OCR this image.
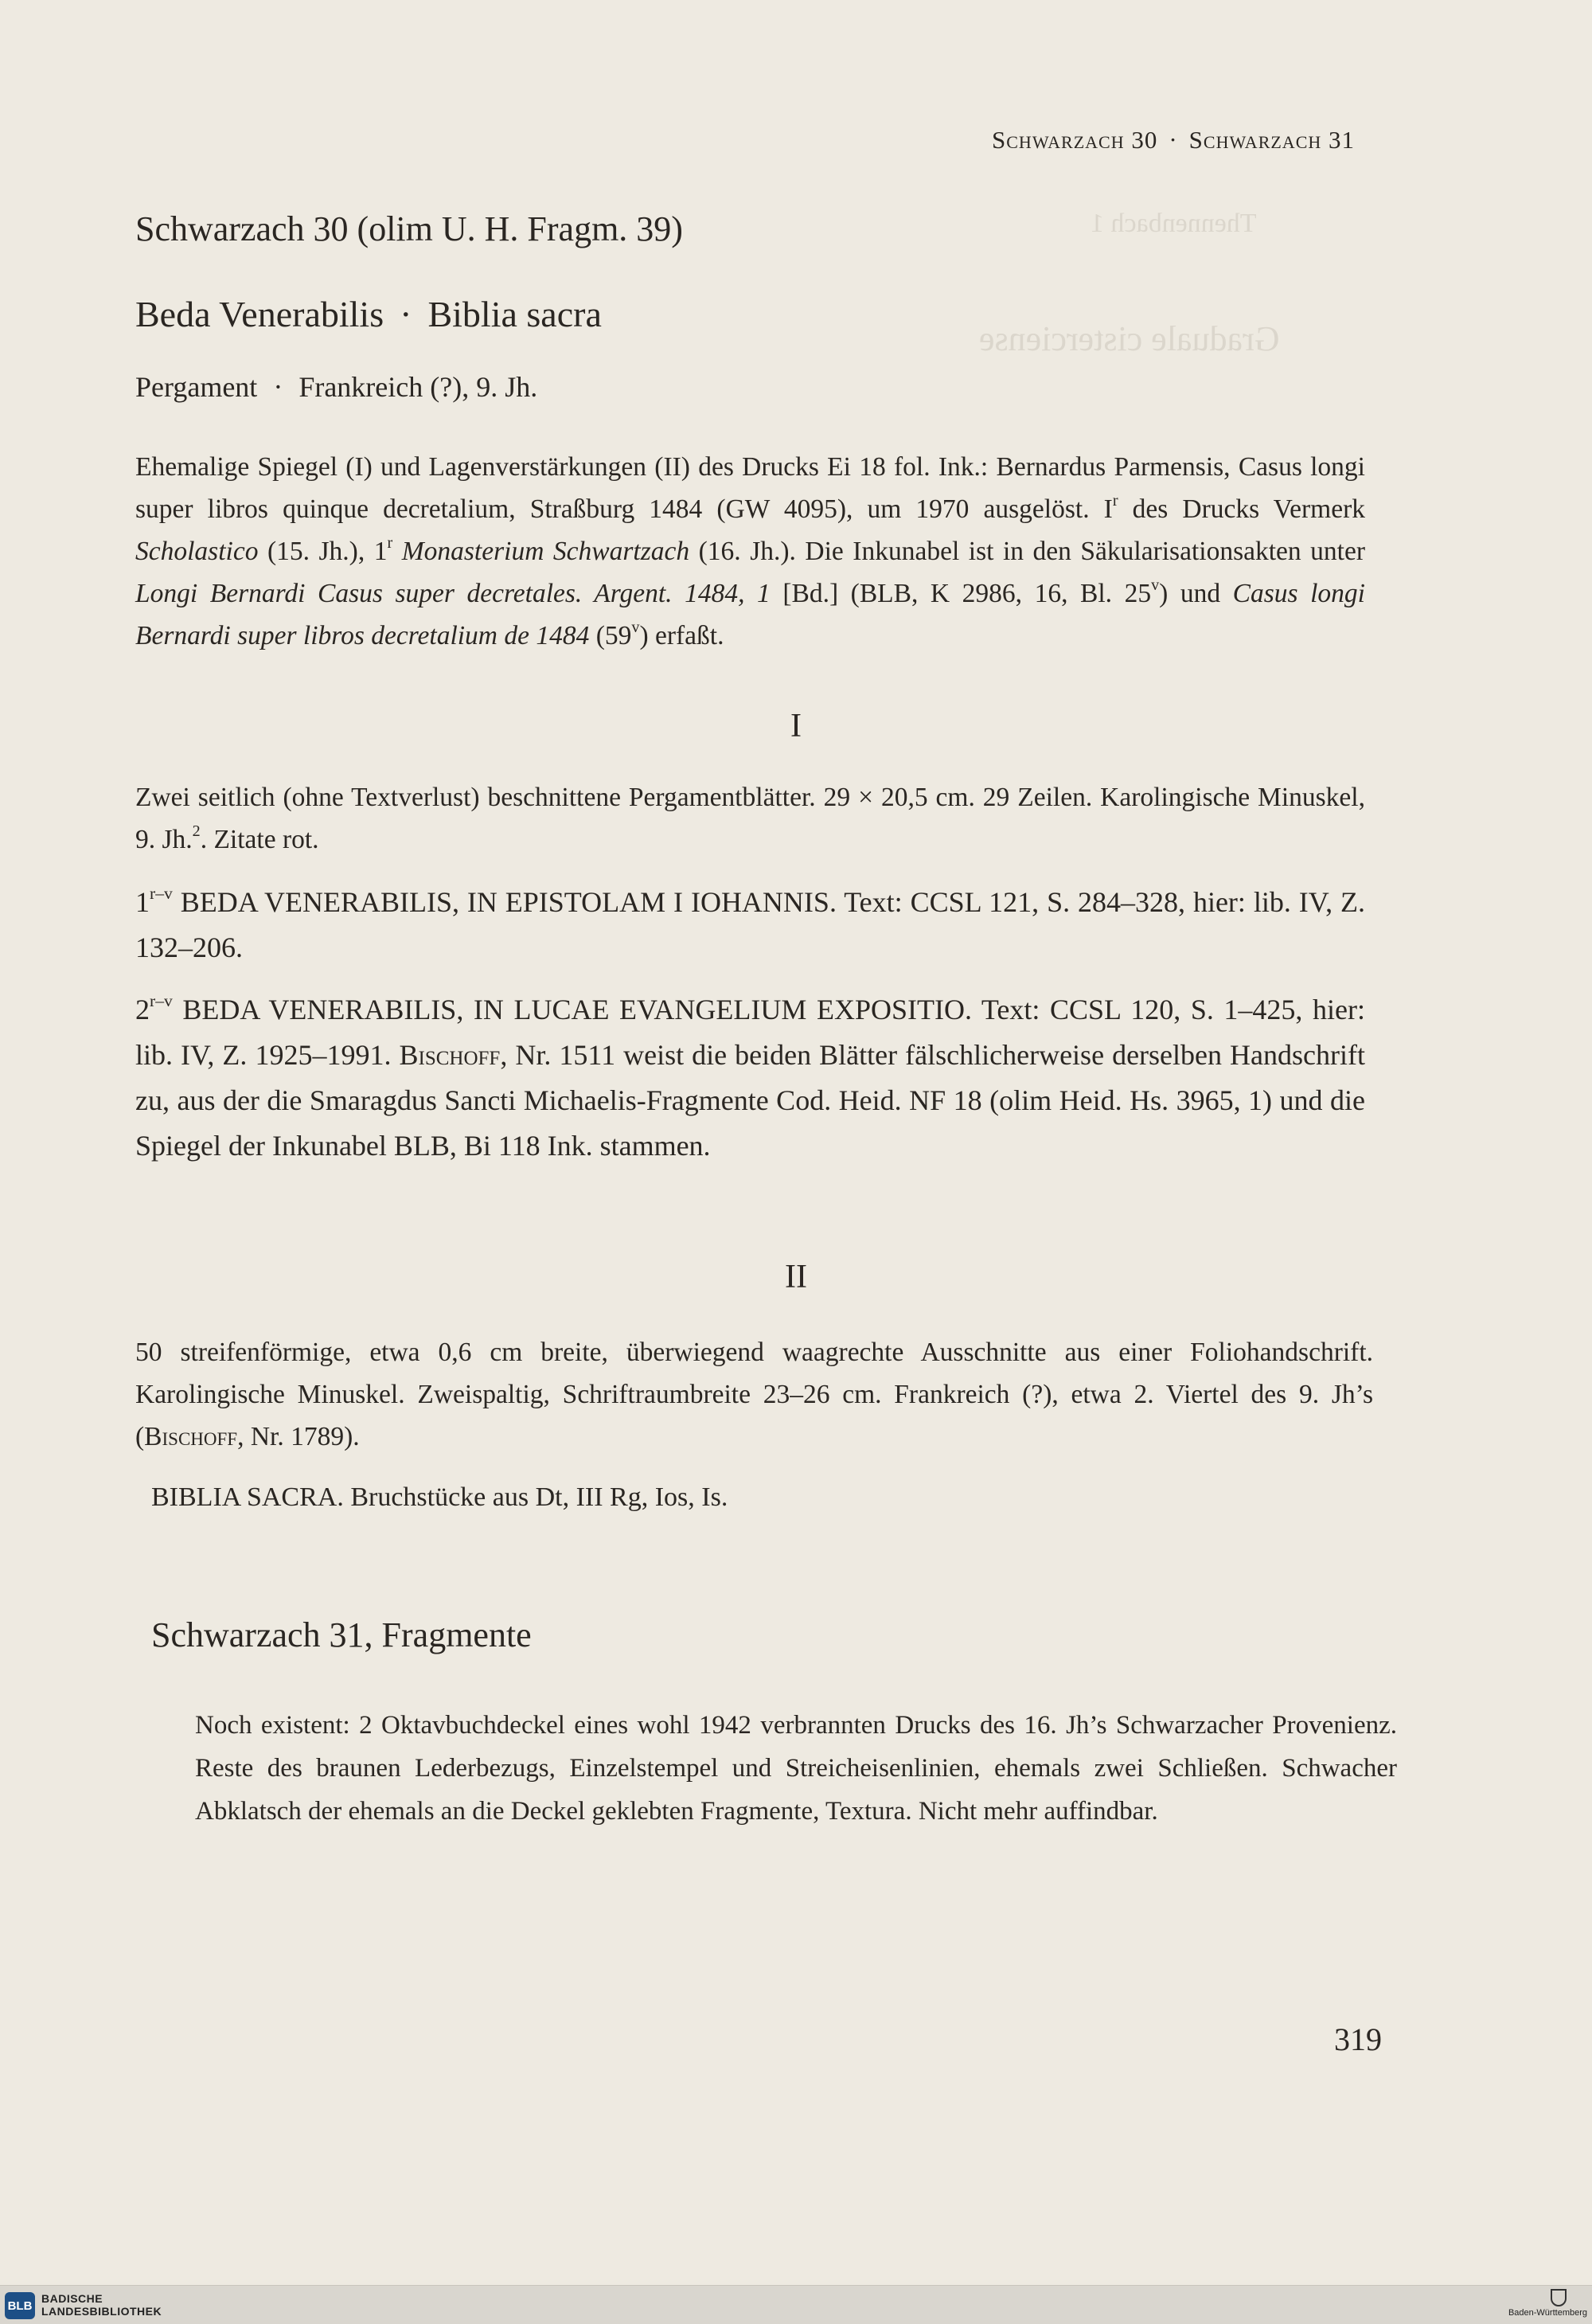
Thennenbach 1
Graduale cisterciense
Schwarzach 30 · Schwarzach 31
Schwarzach 30 (olim U. H. Fragm. 39)
Beda Venerabilis · Biblia sacra
Pergament · Frankreich (?), 9. Jh.
Ehemalige Spiegel (I) und Lagenverstärkungen (II) des Drucks Ei 18 fol. Ink.: Bernardus Parmensis, Casus longi super libros quinque decretalium, Straßburg 1484 (GW 4095), um 1970 ausgelöst. $I^r$ des Drucks Vermerk Scholastico (15. Jh.), 1$^r$ Monasterium Schwartzach (16. Jh.). Die Inkunabel ist in den Säkularisationsakten unter Longi Bernardi Casus super decretales. Argent. 1484, 1 [Bd.] (BLB, K 2986, 16, Bl. 25$^v$) und Casus longi Bernardi super libros decretalium de 1484 (59$^v$) erfaßt.
I
Zwei seitlich (ohne Textverlust) beschnittene Pergamentblätter. 29 × 20,5 cm. 29 Zeilen. Karolingische Minuskel, 9. Jh.$^2$. Zitate rot.
1$^{r-v}$ BEDA VENERABILIS, IN EPISTOLAM I IOHANNIS. Text: CCSL 121, S. 284–328, hier: lib. IV, Z. 132–206.
2$^{r-v}$ BEDA VENERABILIS, IN LUCAE EVANGELIUM EXPOSITIO. Text: CCSL 120, S. 1–425, hier: lib. IV, Z. 1925–1991. Bischoff, Nr. 1511 weist die beiden Blätter fälschlicherweise derselben Handschrift zu, aus der die Smaragdus Sancti Michaelis-Fragmente Cod. Heid. NF 18 (olim Heid. Hs. 3965, 1) und die Spiegel der Inkunabel BLB, Bi 118 Ink. stammen.
II
50 streifenförmige, etwa 0,6 cm breite, überwiegend waagrechte Ausschnitte aus einer Foliohandschrift. Karolingische Minuskel. Zweispaltig, Schriftraumbreite 23–26 cm. Frankreich (?), etwa 2. Viertel des 9. Jh’s (Bischoff, Nr. 1789).
BIBLIA SACRA. Bruchstücke aus Dt, III Rg, Ios, Is.
Schwarzach 31, Fragmente
Noch existent: 2 Oktavbuchdeckel eines wohl 1942 verbrannten Drucks des 16. Jh’s Schwarzacher Provenienz. Reste des braunen Lederbezugs, Einzelstempel und Streicheisenlinien, ehemals zwei Schließen. Schwacher Abklatsch der ehemals an die Deckel geklebten Fragmente, Textura. Nicht mehr auffindbar.
319
BLB
BADISCHE
LANDESBIBLIOTHEK	Baden-Württemberg
